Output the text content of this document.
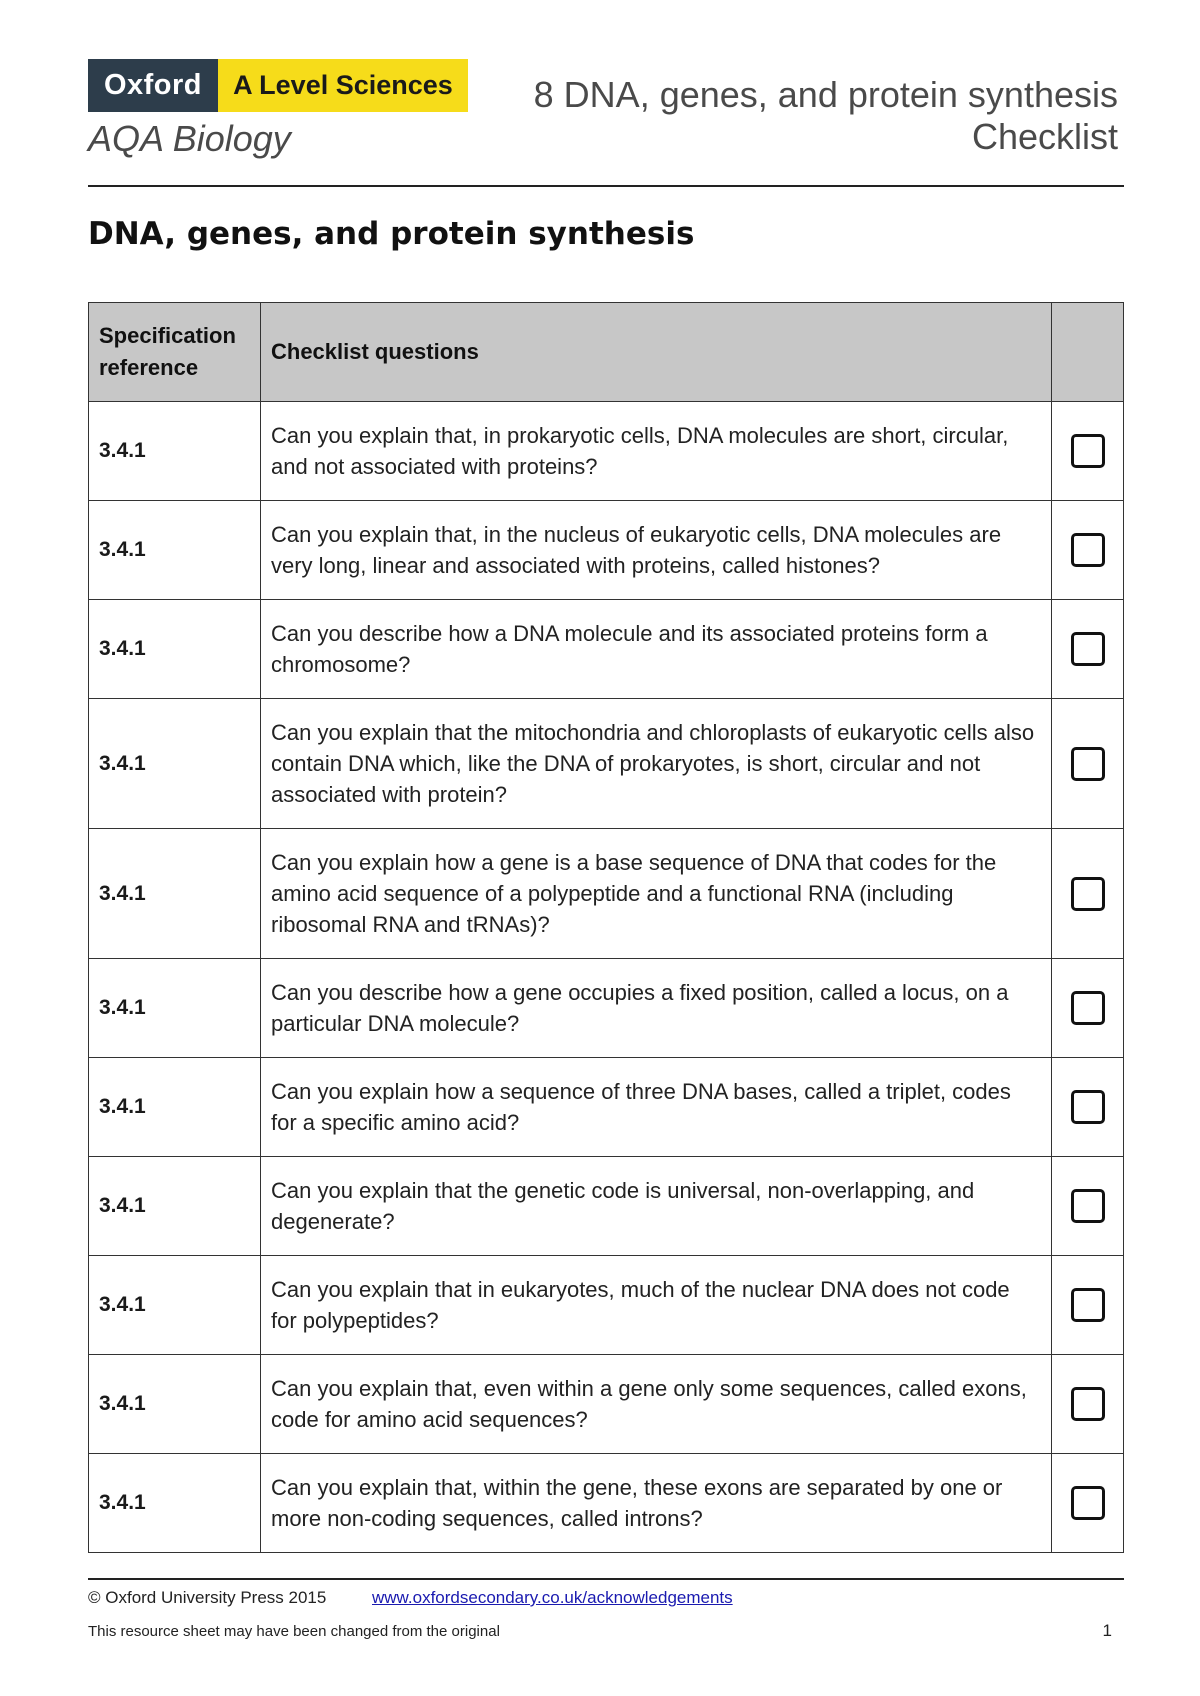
Oxford	A Level Sciences
AQA Biology
8 DNA, genes, and protein synthesis
Checklist
DNA, genes, and protein synthesis
Specification reference	Checklist questions	
3.4.1	Can you explain that, in prokaryotic cells, DNA molecules are short, circular, and not associated with proteins?	
3.4.1	Can you explain that, in the nucleus of eukaryotic cells, DNA molecules are very long, linear and associated with proteins, called histones?	
3.4.1	Can you describe how a DNA molecule and its associated proteins form a chromosome?	
3.4.1	Can you explain that the mitochondria and chloroplasts of eukaryotic cells also contain DNA which, like the DNA of prokaryotes, is short, circular and not associated with protein?	
3.4.1	Can you explain how a gene is a base sequence of DNA that codes for the amino acid sequence of a polypeptide and a functional RNA (including ribosomal RNA and tRNAs)?	
3.4.1	Can you describe how a gene occupies a fixed position, called a locus, on a particular DNA molecule?	
3.4.1	Can you explain how a sequence of three DNA bases, called a triplet, codes for a specific amino acid?	
3.4.1	Can you explain that the genetic code is universal, non-overlapping, and degenerate?	
3.4.1	Can you explain that in eukaryotes, much of the nuclear DNA does not code for polypeptides?	
3.4.1	Can you explain that, even within a gene only some sequences, called exons, code for amino acid sequences?	
3.4.1	Can you explain that, within the gene, these exons are separated by one or more non-coding sequences, called introns?	
© Oxford University Press 2015	www.oxfordsecondary.co.uk/acknowledgements
This resource sheet may have been changed from the original	1
